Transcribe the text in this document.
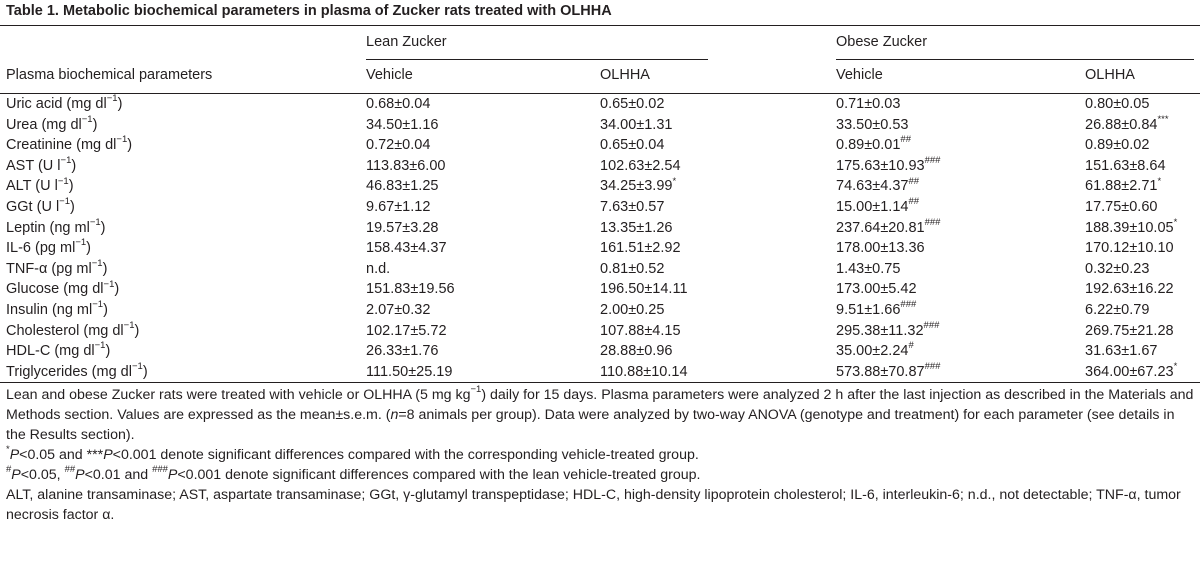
Table 1. Metabolic biochemical parameters in plasma of Zucker rats treated with OLHHA
Lean Zucker	Obese Zucker
Plasma biochemical parameters	Vehicle	OLHHA	Vehicle	OLHHA
Uric acid (mg $dl^{-1}$)	0.68±0.04	0.65±0.02	0.71±0.03	0.80±0.05
Urea (mg $dl^{-1}$)	34.50±1.16	34.00±1.31	33.50±0.53	26.88±0.84***
Creatinine (mg $dl^{-1}$)	0.72±0.04	0.65±0.04	0.89±0.01##	0.89±0.02
AST (U $l^{-1}$)	113.83±6.00	102.63±2.54	175.63±10.93###	151.63±8.64
ALT (U $l^{-1}$)	46.83±1.25	34.25±3.99*	74.63±4.37##	61.88±2.71*
GGt (U $l^{-1}$)	9.67±1.12	7.63±0.57	15.00±1.14##	17.75±0.60
Leptin (ng $ml^{-1}$)	19.57±3.28	13.35±1.26	237.64±20.81###	188.39±10.05*
IL-6 (pg $ml^{-1}$)	158.43±4.37	161.51±2.92	178.00±13.36	170.12±10.10
TNF-α (pg $ml^{-1}$)	n.d.	0.81±0.52	1.43±0.75	0.32±0.23
Glucose (mg $dl^{-1}$)	151.83±19.56	196.50±14.11	173.00±5.42	192.63±16.22
Insulin (ng $ml^{-1}$)	2.07±0.32	2.00±0.25	9.51±1.66###	6.22±0.79
Cholesterol (mg $dl^{-1}$)	102.17±5.72	107.88±4.15	295.38±11.32###	269.75±21.28
HDL-C (mg $dl^{-1}$)	26.33±1.76	28.88±0.96	35.00±2.24#	31.63±1.67
Triglycerides (mg $dl^{-1}$)	111.50±25.19	110.88±10.14	573.88±70.87###	364.00±67.23*

Lean and obese Zucker rats were treated with vehicle or OLHHA (5 mg $kg^{-1}$) daily for 15 days. Plasma parameters were analyzed 2 h after the last injection as described in the Materials and Methods section. Values are expressed as the mean±s.e.m. (n=8 animals per group). Data were analyzed by two-way ANOVA (genotype and treatment) for each parameter (see details in the Results section).

*P<0.05 and ***P<0.001 denote significant differences compared with the corresponding vehicle-treated group.

#P<0.05, ##P<0.01 and ###P<0.001 denote significant differences compared with the lean vehicle-treated group.

ALT, alanine transaminase; AST, aspartate transaminase; GGt, γ-glutamyl transpeptidase; HDL-C, high-density lipoprotein cholesterol; IL-6, interleukin-6; n.d., not detectable; TNF-α, tumor necrosis factor α.
